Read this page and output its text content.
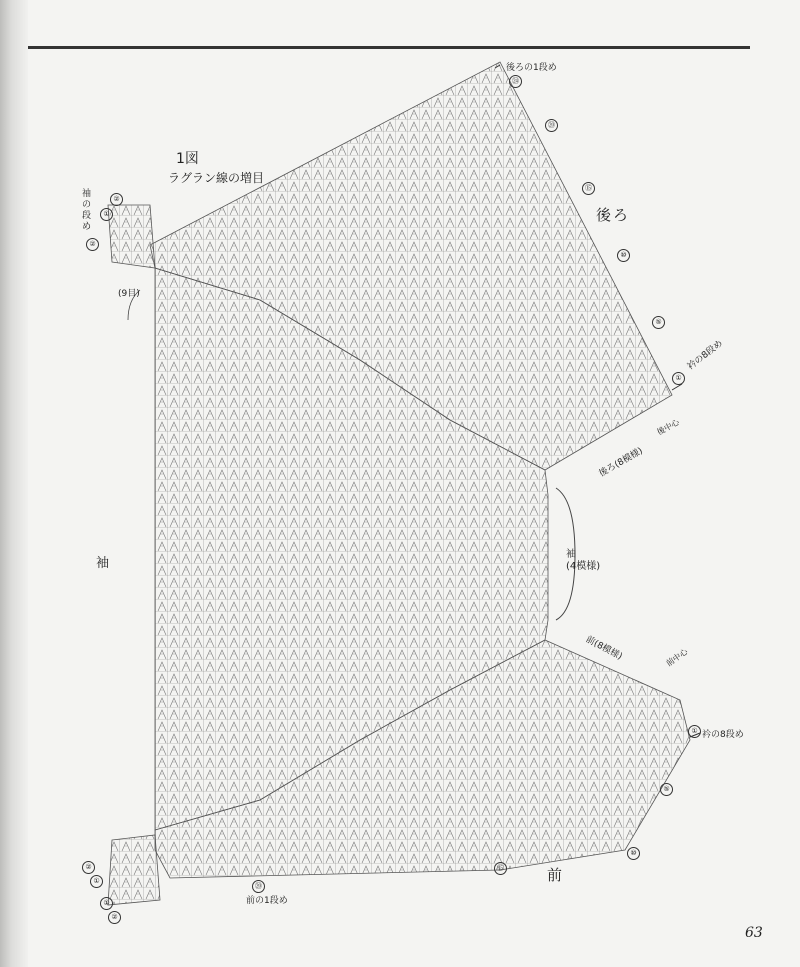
②
①
②
②
①
①
②
㉔
⑳
⑮
⑩
⑤
①
①
⑤
⑩
⑮
⑳
1図
ラグラン線の増目
後ろ
前
袖
袖
(4模様)
(9目)
袖の段め
後ろの1段め
前の1段め
衿の8段め
衿の8段め
後中心
前中心
後ろ(8模様)
前(8模様)
63
